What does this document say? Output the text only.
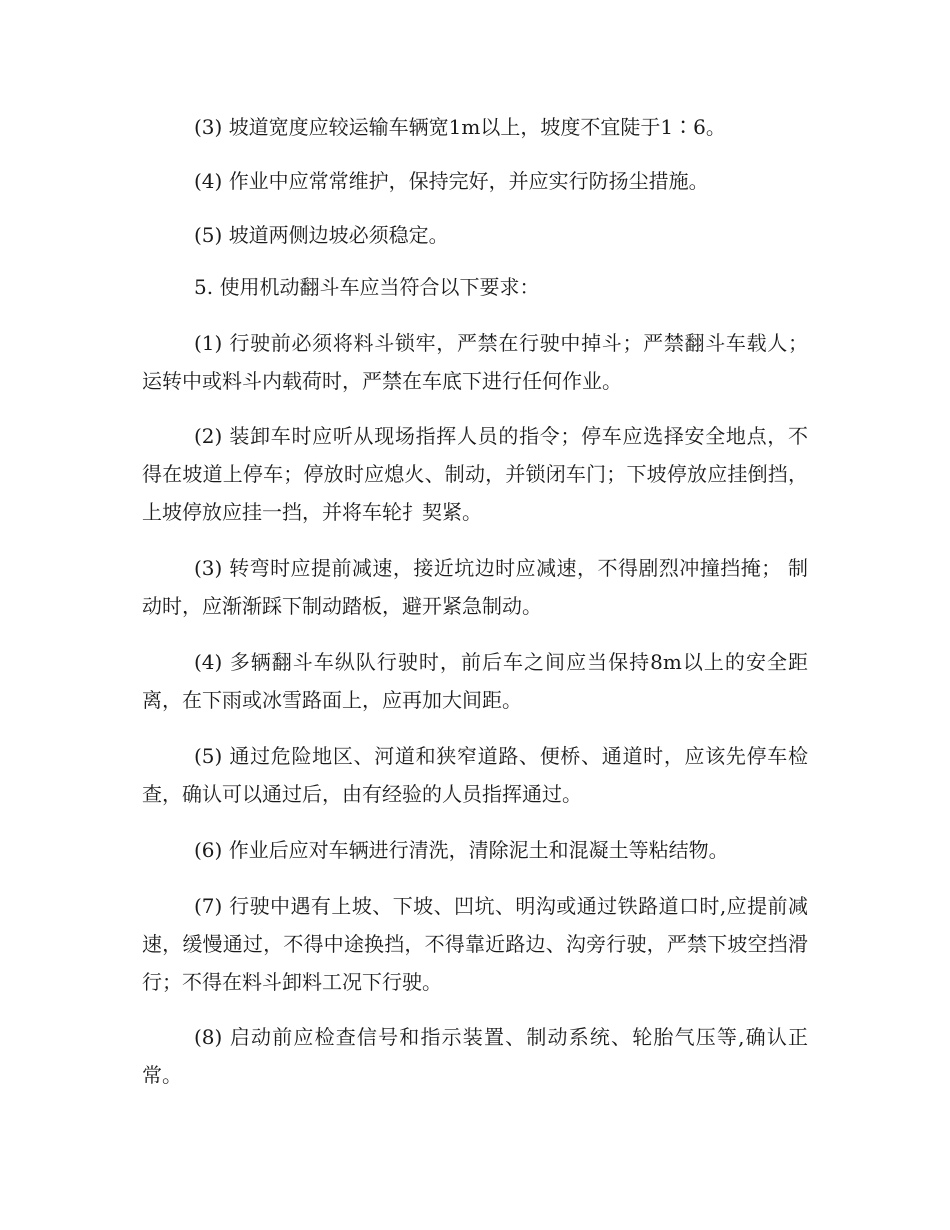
(3) 坡道宽度应较运输车辆宽1m以上，坡度不宜陡于1∶6。

(4) 作业中应常常维护，保持完好，并应实行防扬尘措施。

(5) 坡道两侧边坡必须稳定。

5. 使用机动翻斗车应当符合以下要求：

(1) 行驶前必须将料斗锁牢，严禁在行驶中掉斗；严禁翻斗车载人；运转中或料斗内载荷时，严禁在车底下进行任何作业。

(2) 装卸车时应听从现场指挥人员的指令；停车应选择安全地点，不得在坡道上停车；停放时应熄火、制动，并锁闭车门；下坡停放应挂倒挡，上坡停放应挂一挡，并将车轮扌契紧。

(3) 转弯时应提前减速，接近坑边时应减速，不得剧烈冲撞挡掩； 制动时，应渐渐踩下制动踏板，避开紧急制动。

(4) 多辆翻斗车纵队行驶时，前后车之间应当保持8m以上的安全距离，在下雨或冰雪路面上，应再加大间距。

(5) 通过危险地区、河道和狭窄道路、便桥、通道时，应该先停车检查，确认可以通过后，由有经验的人员指挥通过。

(6) 作业后应对车辆进行清洗，清除泥土和混凝土等粘结物。

(7) 行驶中遇有上坡、下坡、凹坑、明沟或通过铁路道口时,应提前减速，缓慢通过，不得中途换挡，不得靠近路边、沟旁行驶，严禁下坡空挡滑行；不得在料斗卸料工况下行驶。

(8) 启动前应检查信号和指示装置、制动系统、轮胎气压等,确认正常。
